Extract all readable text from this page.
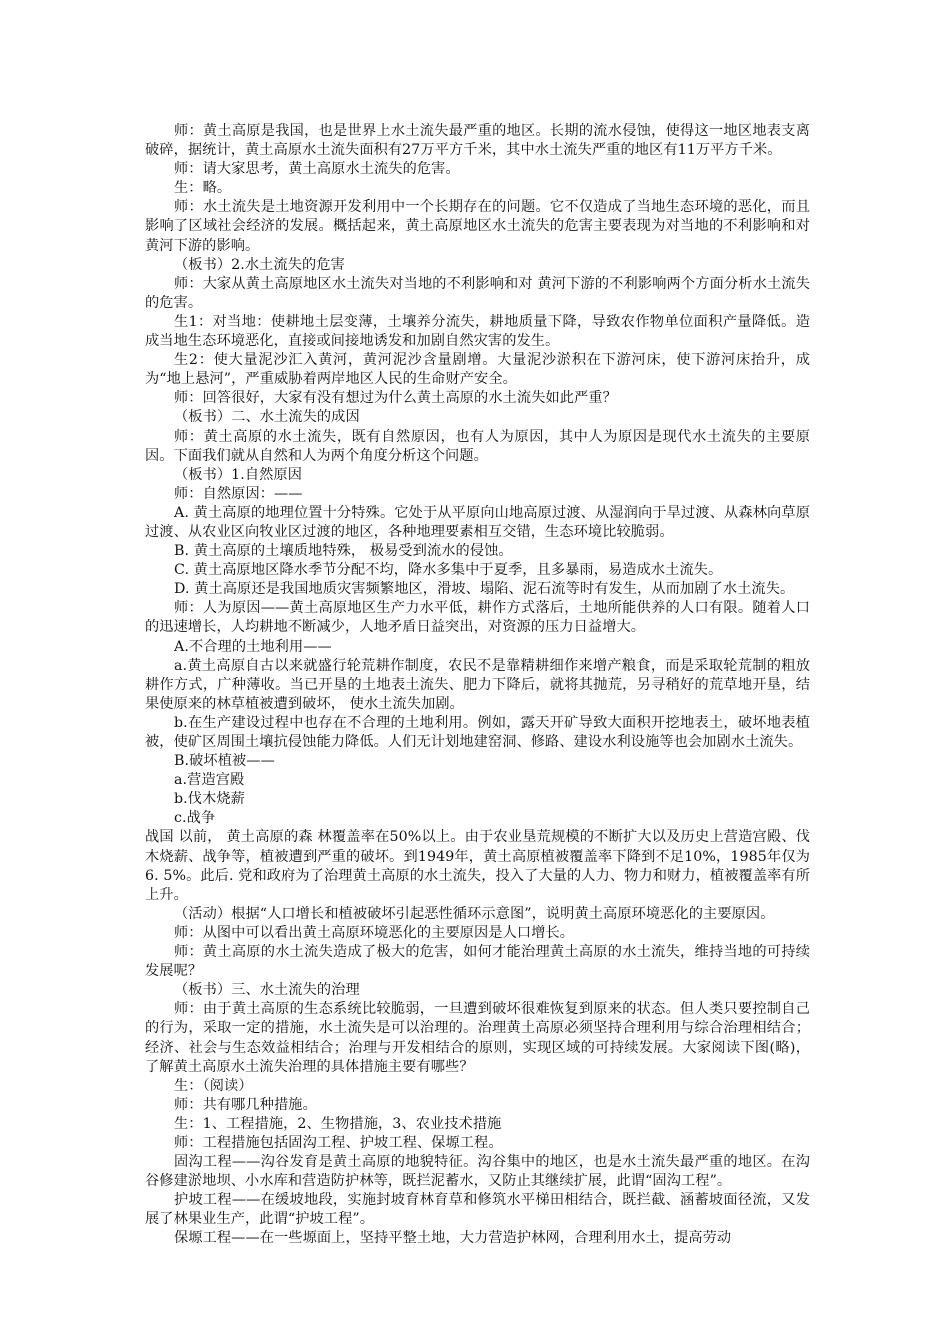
师：黄土高原是我国，也是世界上水土流失最严重的地区。长期的流水侵蚀，使得这一地区地表支离破碎，据统计，黄土高原水土流失面积有27万平方千米，其中水土流失严重的地区有11万平方千米。

师：请大家思考，黄土高原水土流失的危害。

生：略。

师：水土流失是土地资源开发利用中一个长期存在的问题。它不仅造成了当地生态环境的恶化，而且影响了区域社会经济的发展。概括起来，黄土高原地区水土流失的危害主要表现为对当地的不利影响和对黄河下游的影响。

（板书）2.水土流失的危害

师：大家从黄土高原地区水土流失对当地的不利影响和对 黄河下游的不利影响两个方面分析水土流失的危害。

生1：对当地：使耕地土层变薄，土壤养分流失，耕地质量下降，导致农作物单位面积产量降低。造成当地生态环境恶化，直接或间接地诱发和加剧自然灾害的发生。

生2：使大量泥沙汇入黄河，黄河泥沙含量剧增。大量泥沙淤积在下游河床，使下游河床抬升，成为“地上悬河”，严重威胁着两岸地区人民的生命财产安全。

师：回答很好，大家有没有想过为什么黄土高原的水土流失如此严重？

（板书）二、水土流失的成因

师：黄土高原的水土流失，既有自然原因，也有人为原因，其中人为原因是现代水土流失的主要原因。下面我们就从自然和人为两个角度分析这个问题。

（板书）1.自然原因

师：自然原因：——

A. 黄土高原的地理位置十分特殊。它处于从平原向山地高原过渡、从湿润向于旱过渡、从森林向草原过渡、从农业区向牧业区过渡的地区，各种地理要素相互交错，生态环境比较脆弱。

B. 黄土高原的土壤质地特殊， 极易受到流水的侵蚀。

C. 黄土高原地区降水季节分配不均，降水多集中于夏季，且多暴雨，易造成水土流失。

D. 黄土高原还是我国地质灾害频繁地区，滑坡、塌陷、泥石流等时有发生，从而加剧了水土流失。

师：人为原因——黄土高原地区生产力水平低，耕作方式落后，土地所能供养的人口有限。随着人口的迅速增长，人均耕地不断减少，人地矛盾日益突出，对资源的压力日益增大。

A.不合理的土地利用——

a.黄土高原自古以来就盛行轮荒耕作制度，农民不是靠精耕细作来增产粮食，而是采取轮荒制的粗放耕作方式，广种薄收。当已开垦的土地表土流失、肥力下降后，就将其抛荒，另寻稍好的荒草地开垦，结果使原来的林草植被遭到破坏， 使水土流失加剧。

b.在生产建设过程中也存在不合理的土地利用。例如，露天开矿导致大面积开挖地表土，破坏地表植被，使矿区周围土壤抗侵蚀能力降低。人们无计划地建窑洞、修路、建设水利设施等也会加剧水土流失。

B.破坏植被——

a.营造宫殿

b.伐木烧薪

c.战争

战国 以前， 黄土高原的森 林覆盖率在50%以上。由于农业垦荒规模的不断扩大以及历史上营造宫殿、伐木烧薪、战争等，植被遭到严重的破坏。到1949年，黄土高原植被覆盖率下降到不足10%，1985年仅为6. 5%。此后. 党和政府为了治理黄土高原的水土流失，投入了大量的人力、物力和财力，植被覆盖率有所上升。

（活动）根据“人口增长和植被破坏引起恶性循环示意图”，说明黄土高原环境恶化的主要原因。

师：从图中可以看出黄土高原环境恶化的主要原因是人口增长。

师：黄土高原的水土流失造成了极大的危害，如何才能治理黄土高原的水土流失，维持当地的可持续发展呢？

（板书）三、水土流失的治理

师：由于黄土高原的生态系统比较脆弱，一旦遭到破坏很难恢复到原来的状态。但人类只要控制自己的行为，采取一定的措施，水土流失是可以治理的。治理黄土高原必须坚持合理利用与综合治理相结合；经济、社会与生态效益相结合；治理与开发相结合的原则，实现区域的可持续发展。大家阅读下图(略)，了解黄土高原水土流失治理的具体措施主要有哪些？

生：（阅读）

师：共有哪几种措施。

生：1、工程措施，2、生物措施，3、农业技术措施

师：工程措施包括固沟工程、护坡工程、保塬工程。

固沟工程——沟谷发育是黄土高原的地貌特征。沟谷集中的地区，也是水土流失最严重的地区。在沟谷修建淤地坝、小水库和营造防护林等，既拦泥蓄水，又防止其继续扩展，此谓“固沟工程”。

护坡工程——在缓坡地段，实施封坡育林育草和修筑水平梯田相结合，既拦截、涵蓄坡面径流，又发展了林果业生产，此谓“护坡工程”。

保塬工程——在一些塬面上，坚持平整土地，大力营造护林网，合理利用水土，提高劳动
